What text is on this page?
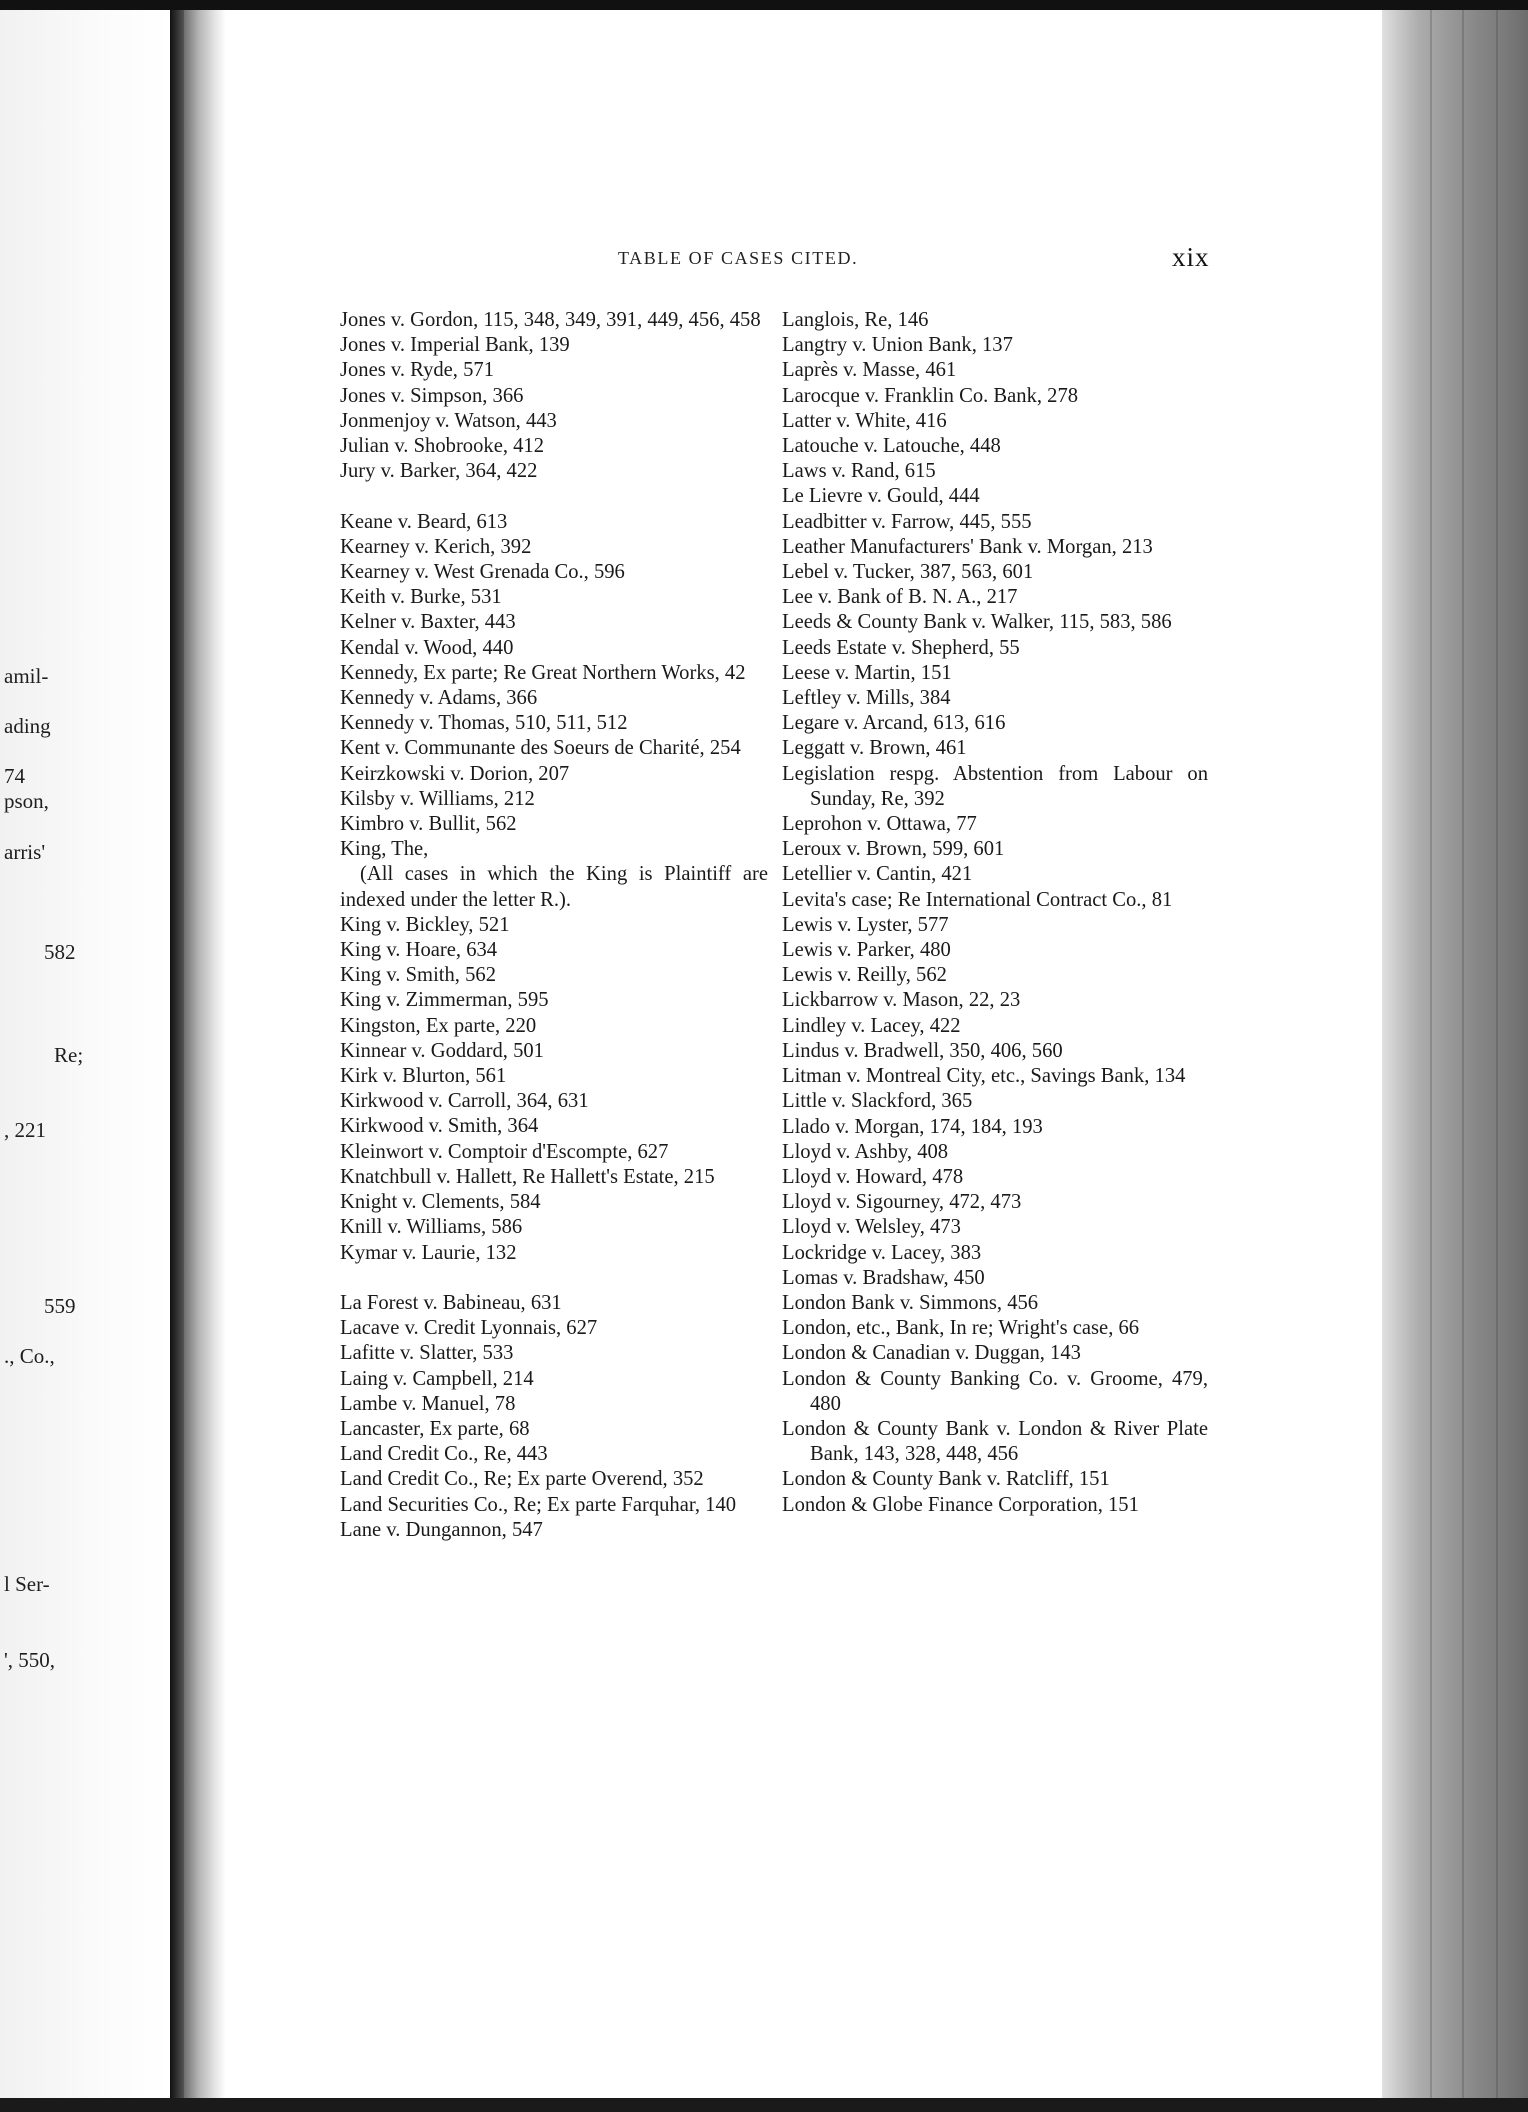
amil-
ading
74
pson,
arris'
582
Re;
, 221
559
., Co.,
l Ser-
', 550,
TABLE OF CASES CITED.	xix
Jones v. Gordon, 115, 348, 349, 391, 449, 456, 458
Jones v. Imperial Bank, 139
Jones v. Ryde, 571
Jones v. Simpson, 366
Jonmenjoy v. Watson, 443
Julian v. Shobrooke, 412
Jury v. Barker, 364, 422
Keane v. Beard, 613
Kearney v. Kerich, 392
Kearney v. West Grenada Co., 596
Keith v. Burke, 531
Kelner v. Baxter, 443
Kendal v. Wood, 440
Kennedy, Ex parte; Re Great Northern Works, 42
Kennedy v. Adams, 366
Kennedy v. Thomas, 510, 511, 512
Kent v. Communante des Soeurs de Charité, 254
Keirzkowski v. Dorion, 207
Kilsby v. Williams, 212
Kimbro v. Bullit, 562
King, The,
(All cases in which the King is Plaintiff are indexed under the letter R.).
King v. Bickley, 521
King v. Hoare, 634
King v. Smith, 562
King v. Zimmerman, 595
Kingston, Ex parte, 220
Kinnear v. Goddard, 501
Kirk v. Blurton, 561
Kirkwood v. Carroll, 364, 631
Kirkwood v. Smith, 364
Kleinwort v. Comptoir d'Escompte, 627
Knatchbull v. Hallett, Re Hallett's Estate, 215
Knight v. Clements, 584
Knill v. Williams, 586
Kymar v. Laurie, 132
La Forest v. Babineau, 631
Lacave v. Credit Lyonnais, 627
Lafitte v. Slatter, 533
Laing v. Campbell, 214
Lambe v. Manuel, 78
Lancaster, Ex parte, 68
Land Credit Co., Re, 443
Land Credit Co., Re; Ex parte Overend, 352
Land Securities Co., Re; Ex parte Farquhar, 140
Lane v. Dungannon, 547
Langlois, Re, 146
Langtry v. Union Bank, 137
Laprès v. Masse, 461
Larocque v. Franklin Co. Bank, 278
Latter v. White, 416
Latouche v. Latouche, 448
Laws v. Rand, 615
Le Lievre v. Gould, 444
Leadbitter v. Farrow, 445, 555
Leather Manufacturers' Bank v. Morgan, 213
Lebel v. Tucker, 387, 563, 601
Lee v. Bank of B. N. A., 217
Leeds & County Bank v. Walker, 115, 583, 586
Leeds Estate v. Shepherd, 55
Leese v. Martin, 151
Leftley v. Mills, 384
Legare v. Arcand, 613, 616
Leggatt v. Brown, 461
Legislation respg. Abstention from Labour on Sunday, Re, 392
Leprohon v. Ottawa, 77
Leroux v. Brown, 599, 601
Letellier v. Cantin, 421
Levita's case; Re International Contract Co., 81
Lewis v. Lyster, 577
Lewis v. Parker, 480
Lewis v. Reilly, 562
Lickbarrow v. Mason, 22, 23
Lindley v. Lacey, 422
Lindus v. Bradwell, 350, 406, 560
Litman v. Montreal City, etc., Savings Bank, 134
Little v. Slackford, 365
Llado v. Morgan, 174, 184, 193
Lloyd v. Ashby, 408
Lloyd v. Howard, 478
Lloyd v. Sigourney, 472, 473
Lloyd v. Welsley, 473
Lockridge v. Lacey, 383
Lomas v. Bradshaw, 450
London Bank v. Simmons, 456
London, etc., Bank, In re; Wright's case, 66
London & Canadian v. Duggan, 143
London & County Banking Co. v. Groome, 479, 480
London & County Bank v. London & River Plate Bank, 143, 328, 448, 456
London & County Bank v. Ratcliff, 151
London & Globe Finance Corporation, 151
